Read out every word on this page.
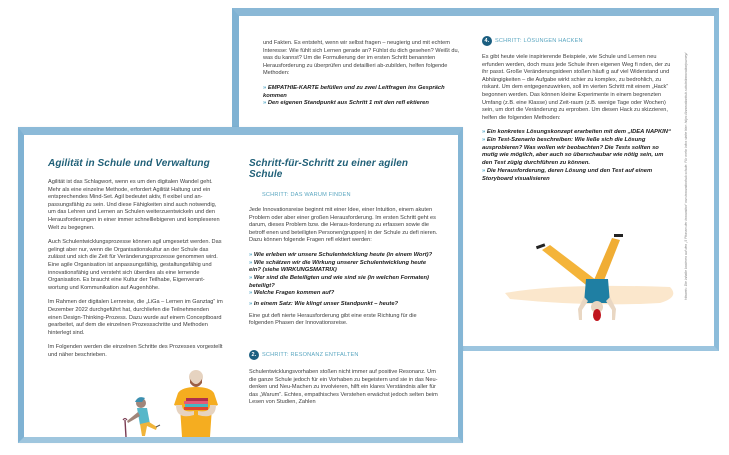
und Fakten. Es entsteht, wenn wir selbst fragen – neugierig und mit echtem Interesse: Wie fühlt sich Lernen gerade an? Fühlst du dich gesehen? Weißt du, was du kannst? Um die Formulierung der im ersten Schritt benannten Herausforderung zu überprüfen und detaillieri ab-zubilden, helfen folgende Methoden:

» EMPATHIE-KARTE befüllen und zu zwei Leitfragen ins Gespräch kommen
» Den eigenen Standpunkt aus Schritt 1 mit den refl ektieren
4. SCHRITT: LÖSUNGEN HACKEN

Es gibt heute viele inspirierende Beispiele, wie Schule und Lernen neu erfunden werden, doch muss jede Schule ihren eigenen Weg fi nden, der zu ihr passt. Große Veränderungsideen stoßen häufi g auf viel Widerstand und Abhängigkeiten – die Aufgabe wirkt schier zu komplex, zu bedrohlich, zu riskant. Um dem entgegenzuwirken, soll im vierten Schritt mit einem „Hack“ begonnen werden. Das können kleine Experimente in einem begrenzten Umfang (z.B. eine Klasse) und Zeit-raum (z.B. wenige Tage oder Wochen) sein, um dort die Veränderung zu erproben. Um diesen Hack zu skizzieren, helfen die folgenden Methoden:

» Ein konkretes Lösungskonzept erarbeiten mit dem „IDEA NAPKIN“
» Ein Test-Szenario beschreiben: Wie ließe sich die Lösung ausprobieren? Was wollen wir beobachten? Die Tests sollten so mutig wie möglich, aber auch so überschaubar wie nötig sein, um den Test zügig durchführen zu können.
» Die Herausforderung, deren Lösung und den Test auf einem Storyboard visualisieren	Hinweis: Die Inhalte basieren auf den „5 Phasen der Innovation“ von innovationhub.schule. Für mehr Infos siehe hier: https://innovationhub.schule/innovationjourney/
Agilität in Schule und Verwaltung

Agilität ist das Schlagwort, wenn es um den digitalen Wandel geht. Mehr als eine einzelne Methode, erfordert Agilität Haltung und ein entsprechendes Mind-Set. Agil bedeutet aktiv, fl exibel und an-passungsfähig zu sein. Und diese Fähigkeiten sind auch notwendig, um das Lehren und Lernen an Schulen weiterzuentwickeln und den Herausforderungen in einer immer schnelllebigeren und komplexeren Welt zu begegnen.

Auch Schulentwicklungsprozesse können agil umgesetzt werden. Das gelingt aber nur, wenn die Organisationskultur an der Schule das zulässt und sich die Zeit für Veränderungsprozesse genommen wird. Eine agile Organisation ist anpassungsfähig, gestaltungsfähig und innovationsfähig und versteht sich überdies als eine lernende Organisation. Es braucht eine Kultur der Teilhabe, Eigenverant-wortung und Kommunikation auf Augenhöhe.

Im Rahmen der digitalen Lernreise, die „LiGa – Lernen im Ganztag“ im Dezember 2022 durchgeführt hat, durchliefen die Teilnehmenden einen Design-Thinking-Prozess. Dazu wurde auf einem Conceptboard gearbeitet, auf dem die einzelnen Prozessschritte und Methoden hinterlegt sind.

Im Folgenden werden die einzelnen Schritte des Prozesses vorgestellt und näher beschrieben.

Schritt-für-Schritt zu einer agilen Schule
SCHRITT: DAS WARUM FINDEN

Jede Innovationsreise beginnt mit einer Idee, einer Intuition, einem akuten Problem oder aber einer großen Herausforderung. Im ersten Schritt geht es darum, dieses Problem bzw. die Heraus-forderung zu erfassen sowie die betroff enen und beteiligten Personen(gruppen) in der Schule zu defi nieren. Dazu können folgende Fragen refl ektiert werden:

» Wie erleben wir unsere Schulentwicklung heute (in einem Wort)?
» Wie schätzen wir die Wirkung unserer Schulentwicklung heute ein? (siehe WIRKUNGSMATRIX)
» Wer sind die Beteiligten und wie sind sie (in welchen Formaten) beteiligt?
» Welche Fragen kommen auf?
» In einem Satz: Wie klingt unser Standpunkt – heute?

Eine gut defi nierte Herausforderung gibt eine erste Richtung für die folgenden Phasen der Innovationsreise.

2. SCHRITT: RESONANZ ENTFALTEN

Schulentwicklungsvorhaben stoßen nicht immer auf positive Resonanz. Um die ganze Schule jedoch für ein Vorhaben zu begeistern und sie in das Neu-denken und Neu-Machen zu involvieren, hilft ein klares Verständnis aller für das „Warum“. Echtes, empathisches Verstehen erwächst jedoch selten beim Lesen von Studien, Zahlen
